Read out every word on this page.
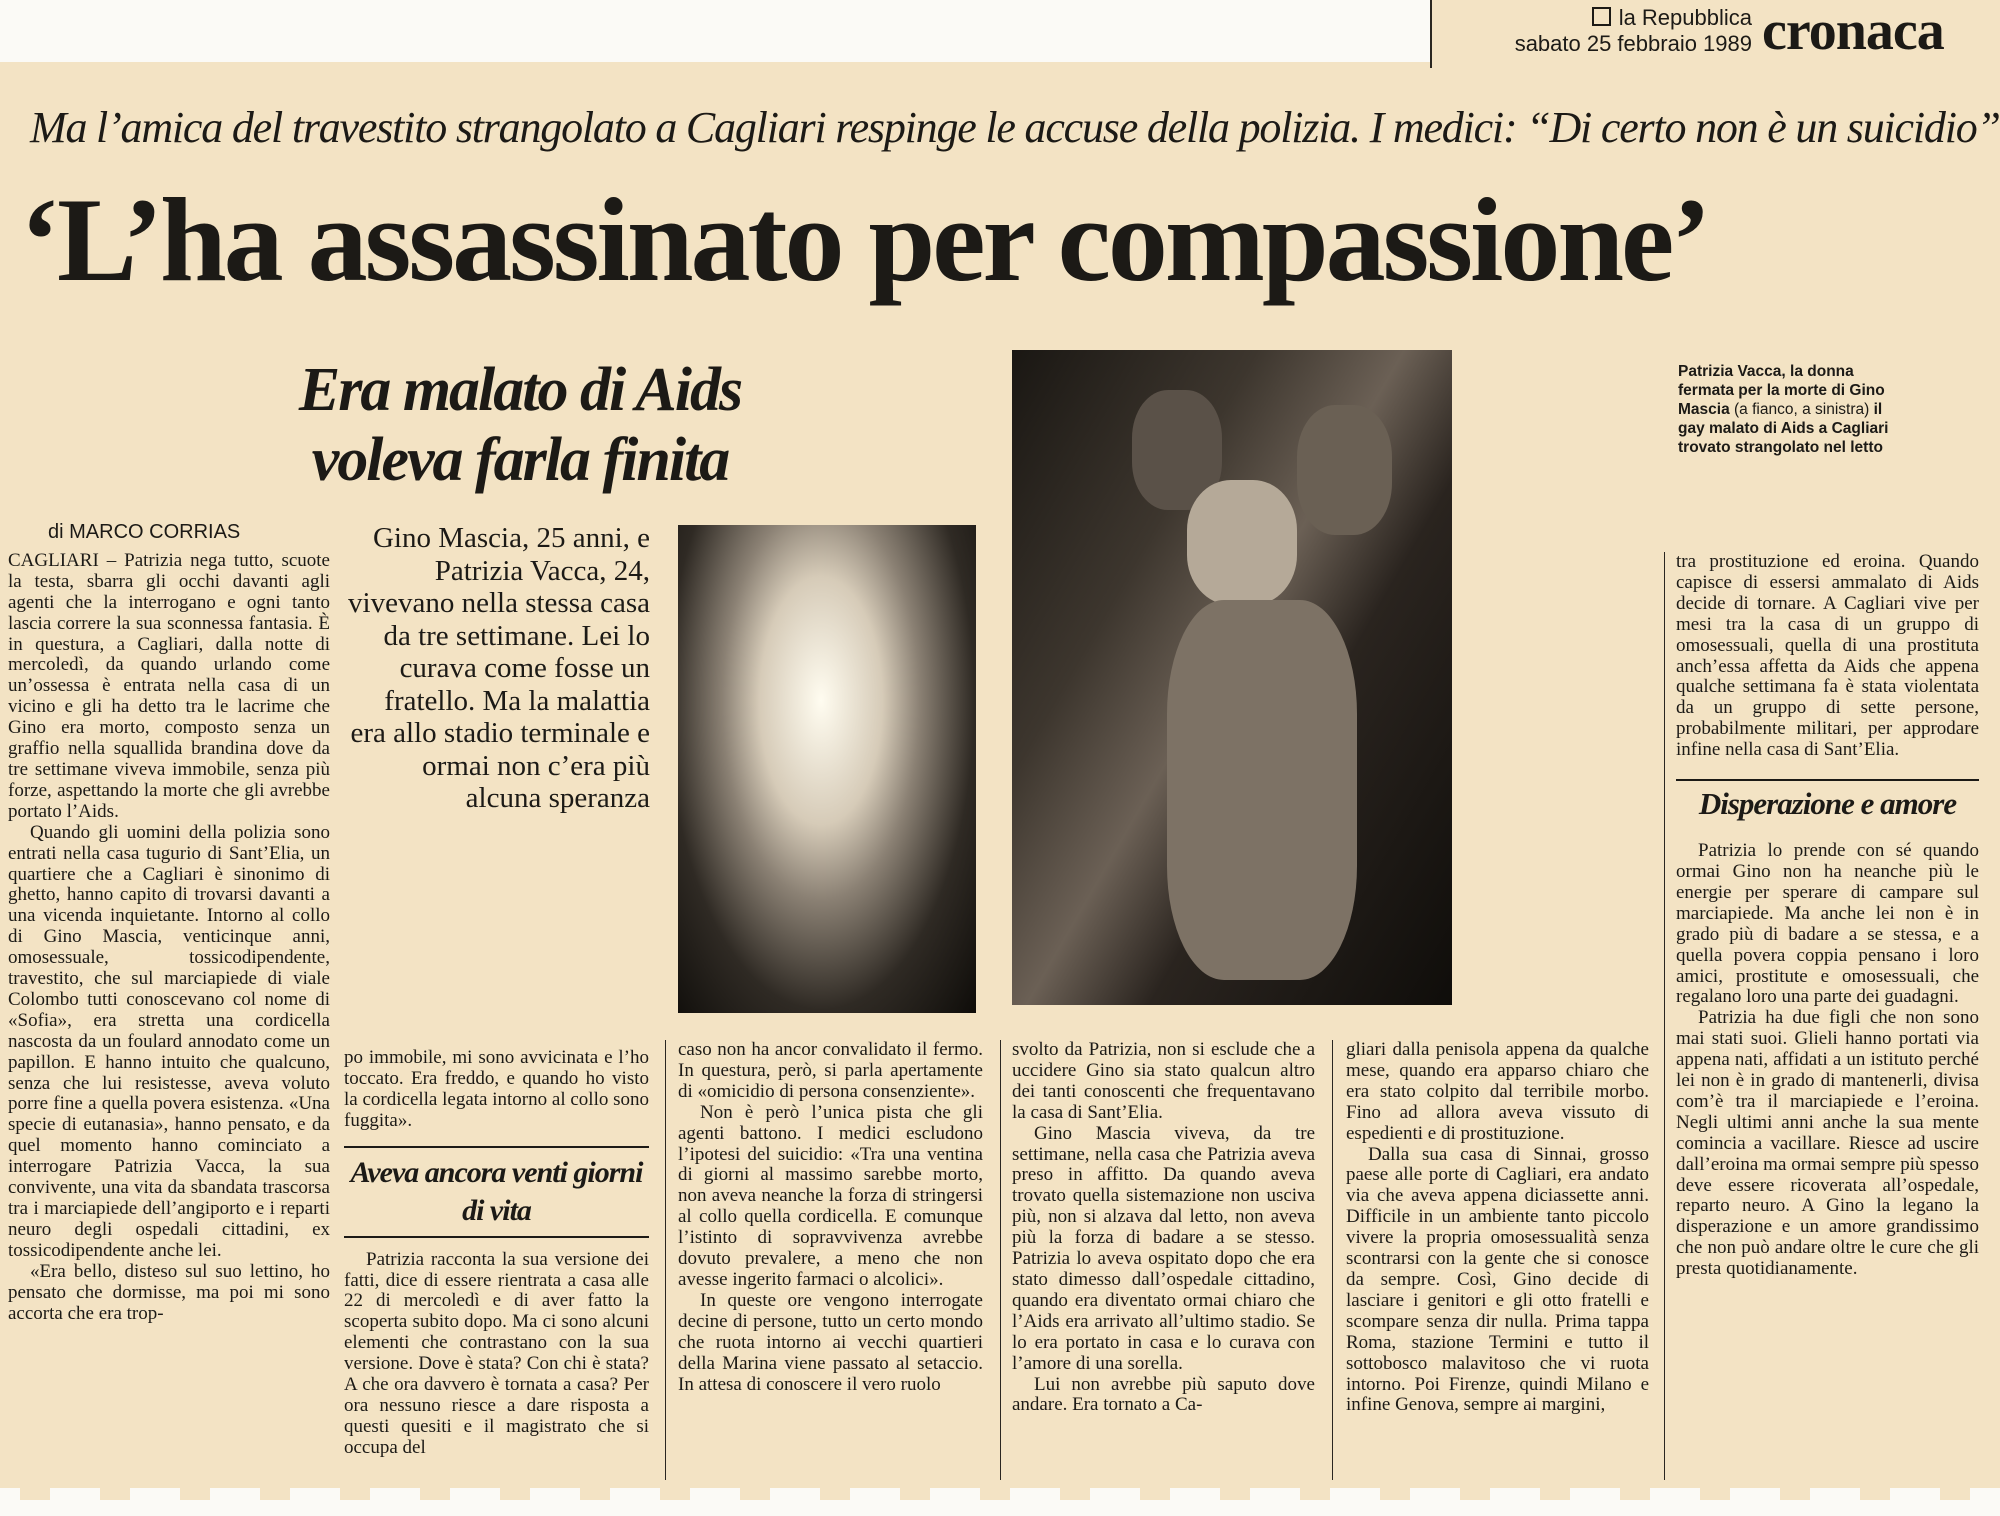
la Repubblica
sabato 25 febbraio 1989 cronaca
Ma l’amica del travestito strangolato a Cagliari respinge le accuse della polizia. I medici: “Di certo non è un suicidio”
‘L’ha assassinato per compassione’
Era malato di Aids voleva farla finita
di MARCO CORRIAS

CAGLIARI – Patrizia nega tutto, scuote la testa, sbarra gli occhi davanti agli agenti che la interrogano e ogni tanto lascia correre la sua sconnessa fantasia. È in questura, a Cagliari, dalla notte di mercoledì, da quando urlando come un’ossessa è entrata nella casa di un vicino e gli ha detto tra le lacrime che Gino era morto, composto senza un graffio nella squallida brandina dove da tre settimane viveva immobile, senza più forze, aspettando la morte che gli avrebbe portato l’Aids.

Quando gli uomini della polizia sono entrati nella casa tugurio di Sant’Elia, un quartiere che a Cagliari è sinonimo di ghetto, hanno capito di trovarsi davanti a una vicenda inquietante. Intorno al collo di Gino Mascia, venticinque anni, omosessuale, tossicodipendente, travestito, che sul marciapiede di viale Colombo tutti conoscevano col nome di «Sofia», era stretta una cordicella nascosta da un foulard annodato come un papillon. E hanno intuito che qualcuno, senza che lui resistesse, aveva voluto porre fine a quella povera esistenza. «Una specie di eutanasia», hanno pensato, e da quel momento hanno cominciato a interrogare Patrizia Vacca, la sua convivente, una vita da sbandata trascorsa tra i marciapiede dell’angiporto e i reparti neuro degli ospedali cittadini, ex tossicodipendente anche lei.

«Era bello, disteso sul suo lettino, ho pensato che dormisse, ma poi mi sono accorta che era trop-

Gino Mascia, 25 anni, e Patrizia Vacca, 24, vivevano nella stessa casa da tre settimane. Lei lo curava come fosse un fratello. Ma la malattia era allo stadio terminale e ormai non c’era più alcuna speranza

po immobile, mi sono avvicinata e l’ho toccato. Era freddo, e quando ho visto la cordicella legata intorno al collo sono fuggita».

Aveva ancora venti giorni di vita

Patrizia racconta la sua versione dei fatti, dice di essere rientrata a casa alle 22 di mercoledì e di aver fatto la scoperta subito dopo. Ma ci sono alcuni elementi che contrastano con la sua versione. Dove è stata? Con chi è stata? A che ora davvero è tornata a casa? Per ora nessuno riesce a dare risposta a questi quesiti e il magistrato che si occupa del

caso non ha ancor convalidato il fermo. In questura, però, si parla apertamente di «omicidio di persona consenziente».

Non è però l’unica pista che gli agenti battono. I medici escludono l’ipotesi del suicidio: «Tra una ventina di giorni al massimo sarebbe morto, non aveva neanche la forza di stringersi al collo quella cordicella. E comunque l’istinto di sopravvivenza avrebbe dovuto prevalere, a meno che non avesse ingerito farmaci o alcolici».

In queste ore vengono interrogate decine di persone, tutto un certo mondo che ruota intorno ai vecchi quartieri della Marina viene passato al setaccio. In attesa di conoscere il vero ruolo

Patrizia Vacca, la donna fermata per la morte di Gino Mascia (a fianco, a sinistra) il gay malato di Aids a Cagliari trovato strangolato nel letto

svolto da Patrizia, non si esclude che a uccidere Gino sia stato qualcun altro dei tanti conoscenti che frequentavano la casa di Sant’Elia.

Gino Mascia viveva, da tre settimane, nella casa che Patrizia aveva preso in affitto. Da quando aveva trovato quella sistemazione non usciva più, non si alzava dal letto, non aveva più la forza di badare a se stesso. Patrizia lo aveva ospitato dopo che era stato dimesso dall’ospedale cittadino, quando era diventato ormai chiaro che l’Aids era arrivato all’ultimo stadio. Se lo era portato in casa e lo curava con l’amore di una sorella.

Lui non avrebbe più saputo dove andare. Era tornato a Ca-

gliari dalla penisola appena da qualche mese, quando era apparso chiaro che era stato colpito dal terribile morbo. Fino ad allora aveva vissuto di espedienti e di prostituzione.

Dalla sua casa di Sinnai, grosso paese alle porte di Cagliari, era andato via che aveva appena diciassette anni. Difficile in un ambiente tanto piccolo vivere la propria omosessualità senza scontrarsi con la gente che si conosce da sempre. Così, Gino decide di lasciare i genitori e gli otto fratelli e scompare senza dir nulla. Prima tappa Roma, stazione Termini e tutto il sottobosco malavitoso che vi ruota intorno. Poi Firenze, quindi Milano e infine Genova, sempre ai margini,

tra prostituzione ed eroina. Quando capisce di essersi ammalato di Aids decide di tornare. A Cagliari vive per mesi tra la casa di un gruppo di omosessuali, quella di una prostituta anch’essa affetta da Aids che appena qualche settimana fa è stata violentata da un gruppo di sette persone, probabilmente militari, per approdare infine nella casa di Sant’Elia.

Disperazione e amore

Patrizia lo prende con sé quando ormai Gino non ha neanche più le energie per sperare di campare sul marciapiede. Ma anche lei non è in grado più di badare a se stessa, e a quella povera coppia pensano i loro amici, prostitute e omosessuali, che regalano loro una parte dei guadagni.

Patrizia ha due figli che non sono mai stati suoi. Glieli hanno portati via appena nati, affidati a un istituto perché lei non è in grado di mantenerli, divisa com’è tra il marciapiede e l’eroina. Negli ultimi anni anche la sua mente comincia a vacillare. Riesce ad uscire dall’eroina ma ormai sempre più spesso deve essere ricoverata all’ospedale, reparto neuro. A Gino la legano la disperazione e un amore grandissimo che non può andare oltre le cure che gli presta quotidianamente.
